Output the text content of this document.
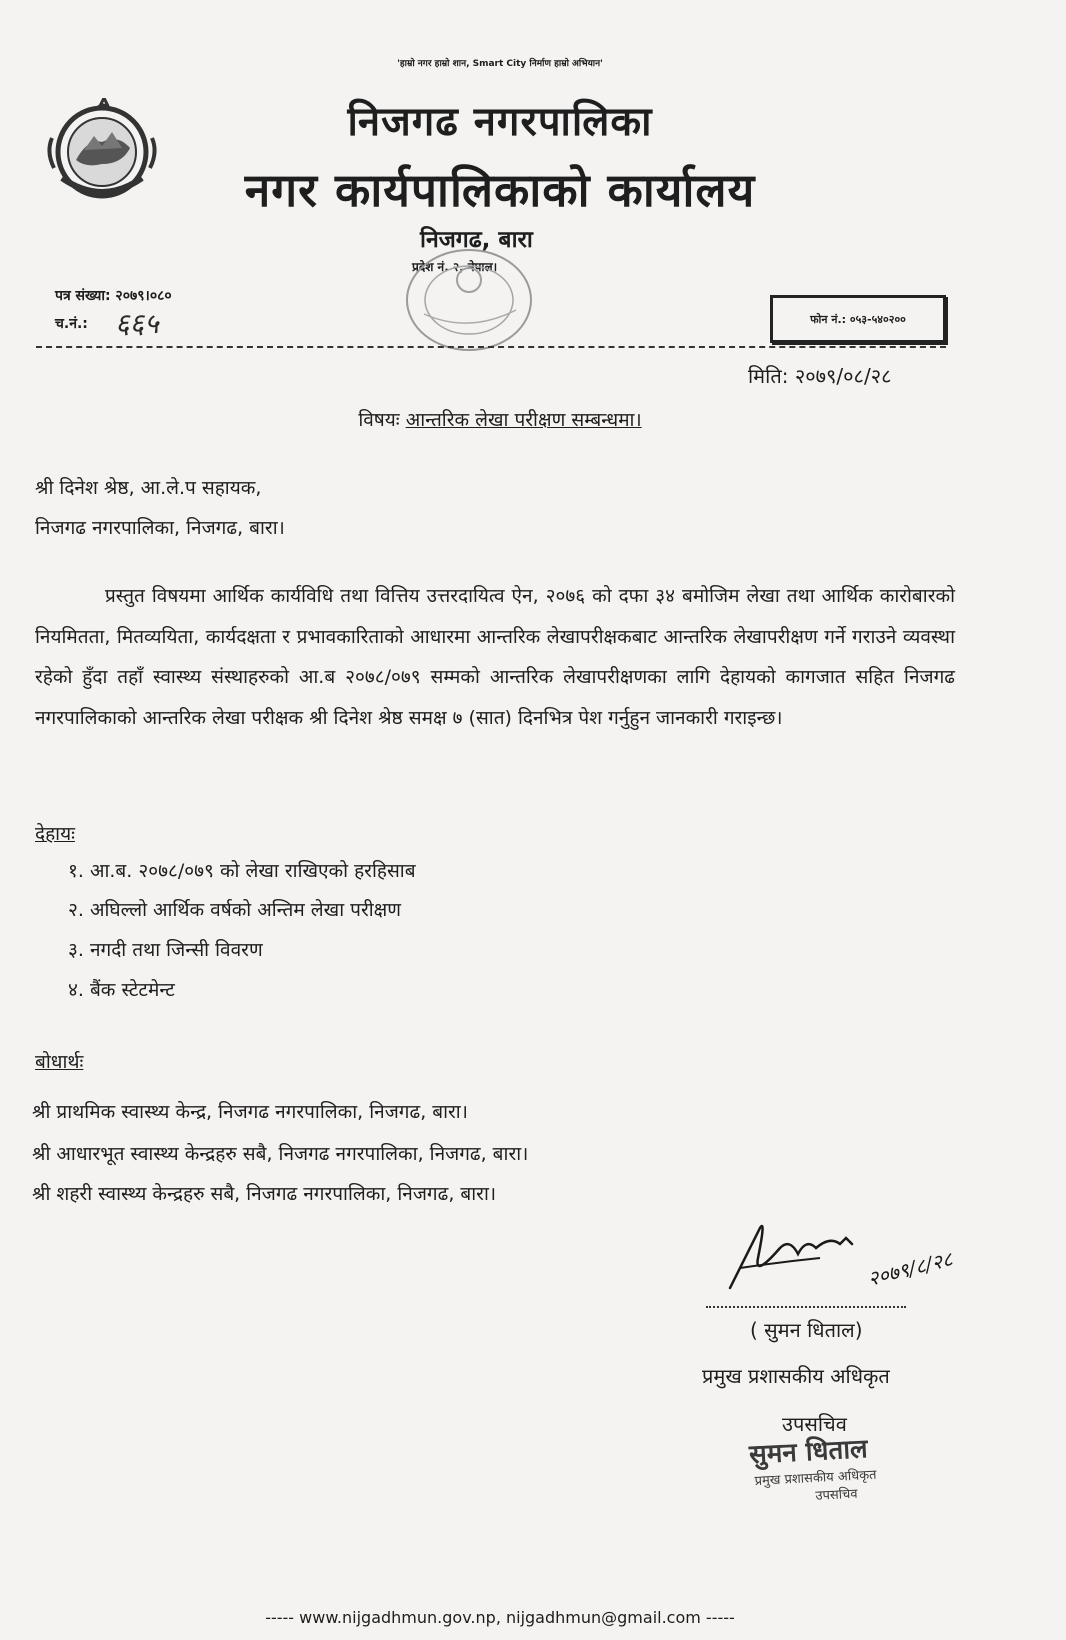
'हाम्रो नगर हाम्रो शान, Smart City निर्माण हाम्रो अभियान'
निजगढ नगरपालिका
नगर कार्यपालिकाको कार्यालय
निजगढ, बारा
प्रदेश नं. २, नेपाल।
पत्र संख्या: २०७९।०८०
च.नं.: ६६५	फोन नं.: ०५३-५४०२००
मिति: २०७९/०८/२८
विषयः आन्तरिक लेखा परीक्षण सम्बन्धमा।
श्री दिनेश श्रेष्ठ, आ.ले.प सहायक,
निजगढ नगरपालिका, निजगढ, बारा।

प्रस्तुत विषयमा आर्थिक कार्यविधि तथा वित्तिय उत्तरदायित्व ऐन, २०७६ को दफा ३४ बमोजिम लेखा तथा आर्थिक कारोबारको नियमितता, मितव्ययिता, कार्यदक्षता र प्रभावकारिताको आधारमा आन्तरिक लेखापरीक्षकबाट आन्तरिक लेखापरीक्षण गर्ने गराउने व्यवस्था रहेको हुँदा तहाँ स्वास्थ्य संस्थाहरुको आ.ब २०७८/०७९ सम्मको आन्तरिक लेखापरीक्षणका लागि देहायको कागजात सहित निजगढ नगरपालिकाको आन्तरिक लेखा परीक्षक श्री दिनेश श्रेष्ठ समक्ष ७ (सात) दिनभित्र पेश गर्नुहुन जानकारी गराइन्छ।

देहायः
१. आ.ब. २०७८/०७९ को लेखा राखिएको हरहिसाब
२. अघिल्लो आर्थिक वर्षको अन्तिम लेखा परीक्षण
३. नगदी तथा जिन्सी विवरण
४. बैंक स्टेटमेन्ट
बोधार्थः
श्री प्राथमिक स्वास्थ्य केन्द्र, निजगढ नगरपालिका, निजगढ, बारा।
श्री आधारभूत स्वास्थ्य केन्द्रहरु सबै, निजगढ नगरपालिका, निजगढ, बारा।
श्री शहरी स्वास्थ्य केन्द्रहरु सबै, निजगढ नगरपालिका, निजगढ, बारा।
२०७९/८/२८
( सुमन धिताल)
प्रमुख प्रशासकीय अधिकृत
उपसचिव
सुमन धिताल
प्रमुख प्रशासकीय अधिकृत
उपसचिव
----- www.nijgadhmun.gov.np, nijgadhmun@gmail.com -----
